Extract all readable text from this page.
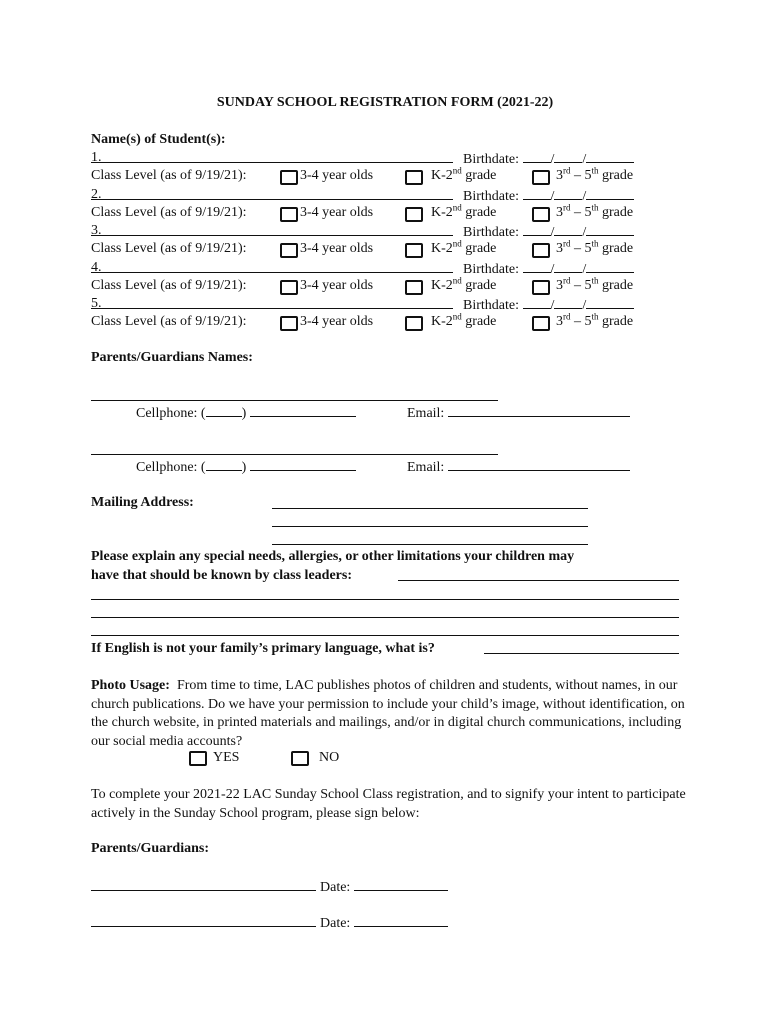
SUNDAY SCHOOL REGISTRATION FORM (2021-22)
Name(s) of Student(s):
1.	Birthdate: / /
Class Level (as of 9/19/21):	3-4 year olds	K-2nd grade	3rd – 5th grade
2.	Birthdate: / /
Class Level (as of 9/19/21):	3-4 year olds	K-2nd grade	3rd – 5th grade
3.	Birthdate: / /
Class Level (as of 9/19/21):	3-4 year olds	K-2nd grade	3rd – 5th grade
4.	Birthdate: / /
Class Level (as of 9/19/21):	3-4 year olds	K-2nd grade	3rd – 5th grade
5.	Birthdate: / /
Class Level (as of 9/19/21):	3-4 year olds	K-2nd grade	3rd – 5th grade
Parents/Guardians Names:
Cellphone: (	)	Email:
Cellphone: (	)	Email:
Mailing Address:
Please explain any special needs, allergies, or other limitations your children may
have that should be known by class leaders:
If English is not your family’s primary language, what is?
Photo Usage: From time to time, LAC publishes photos of children and students, without names, in our church publications. Do we have your permission to include your child’s image, without identification, on the church website, in printed materials and mailings, and/or in digital church communications, including our social media accounts?
YES	NO
To complete your 2021-22 LAC Sunday School Class registration, and to signify your intent to participate actively in the Sunday School program, please sign below:
Parents/Guardians:
Date:
Date:
